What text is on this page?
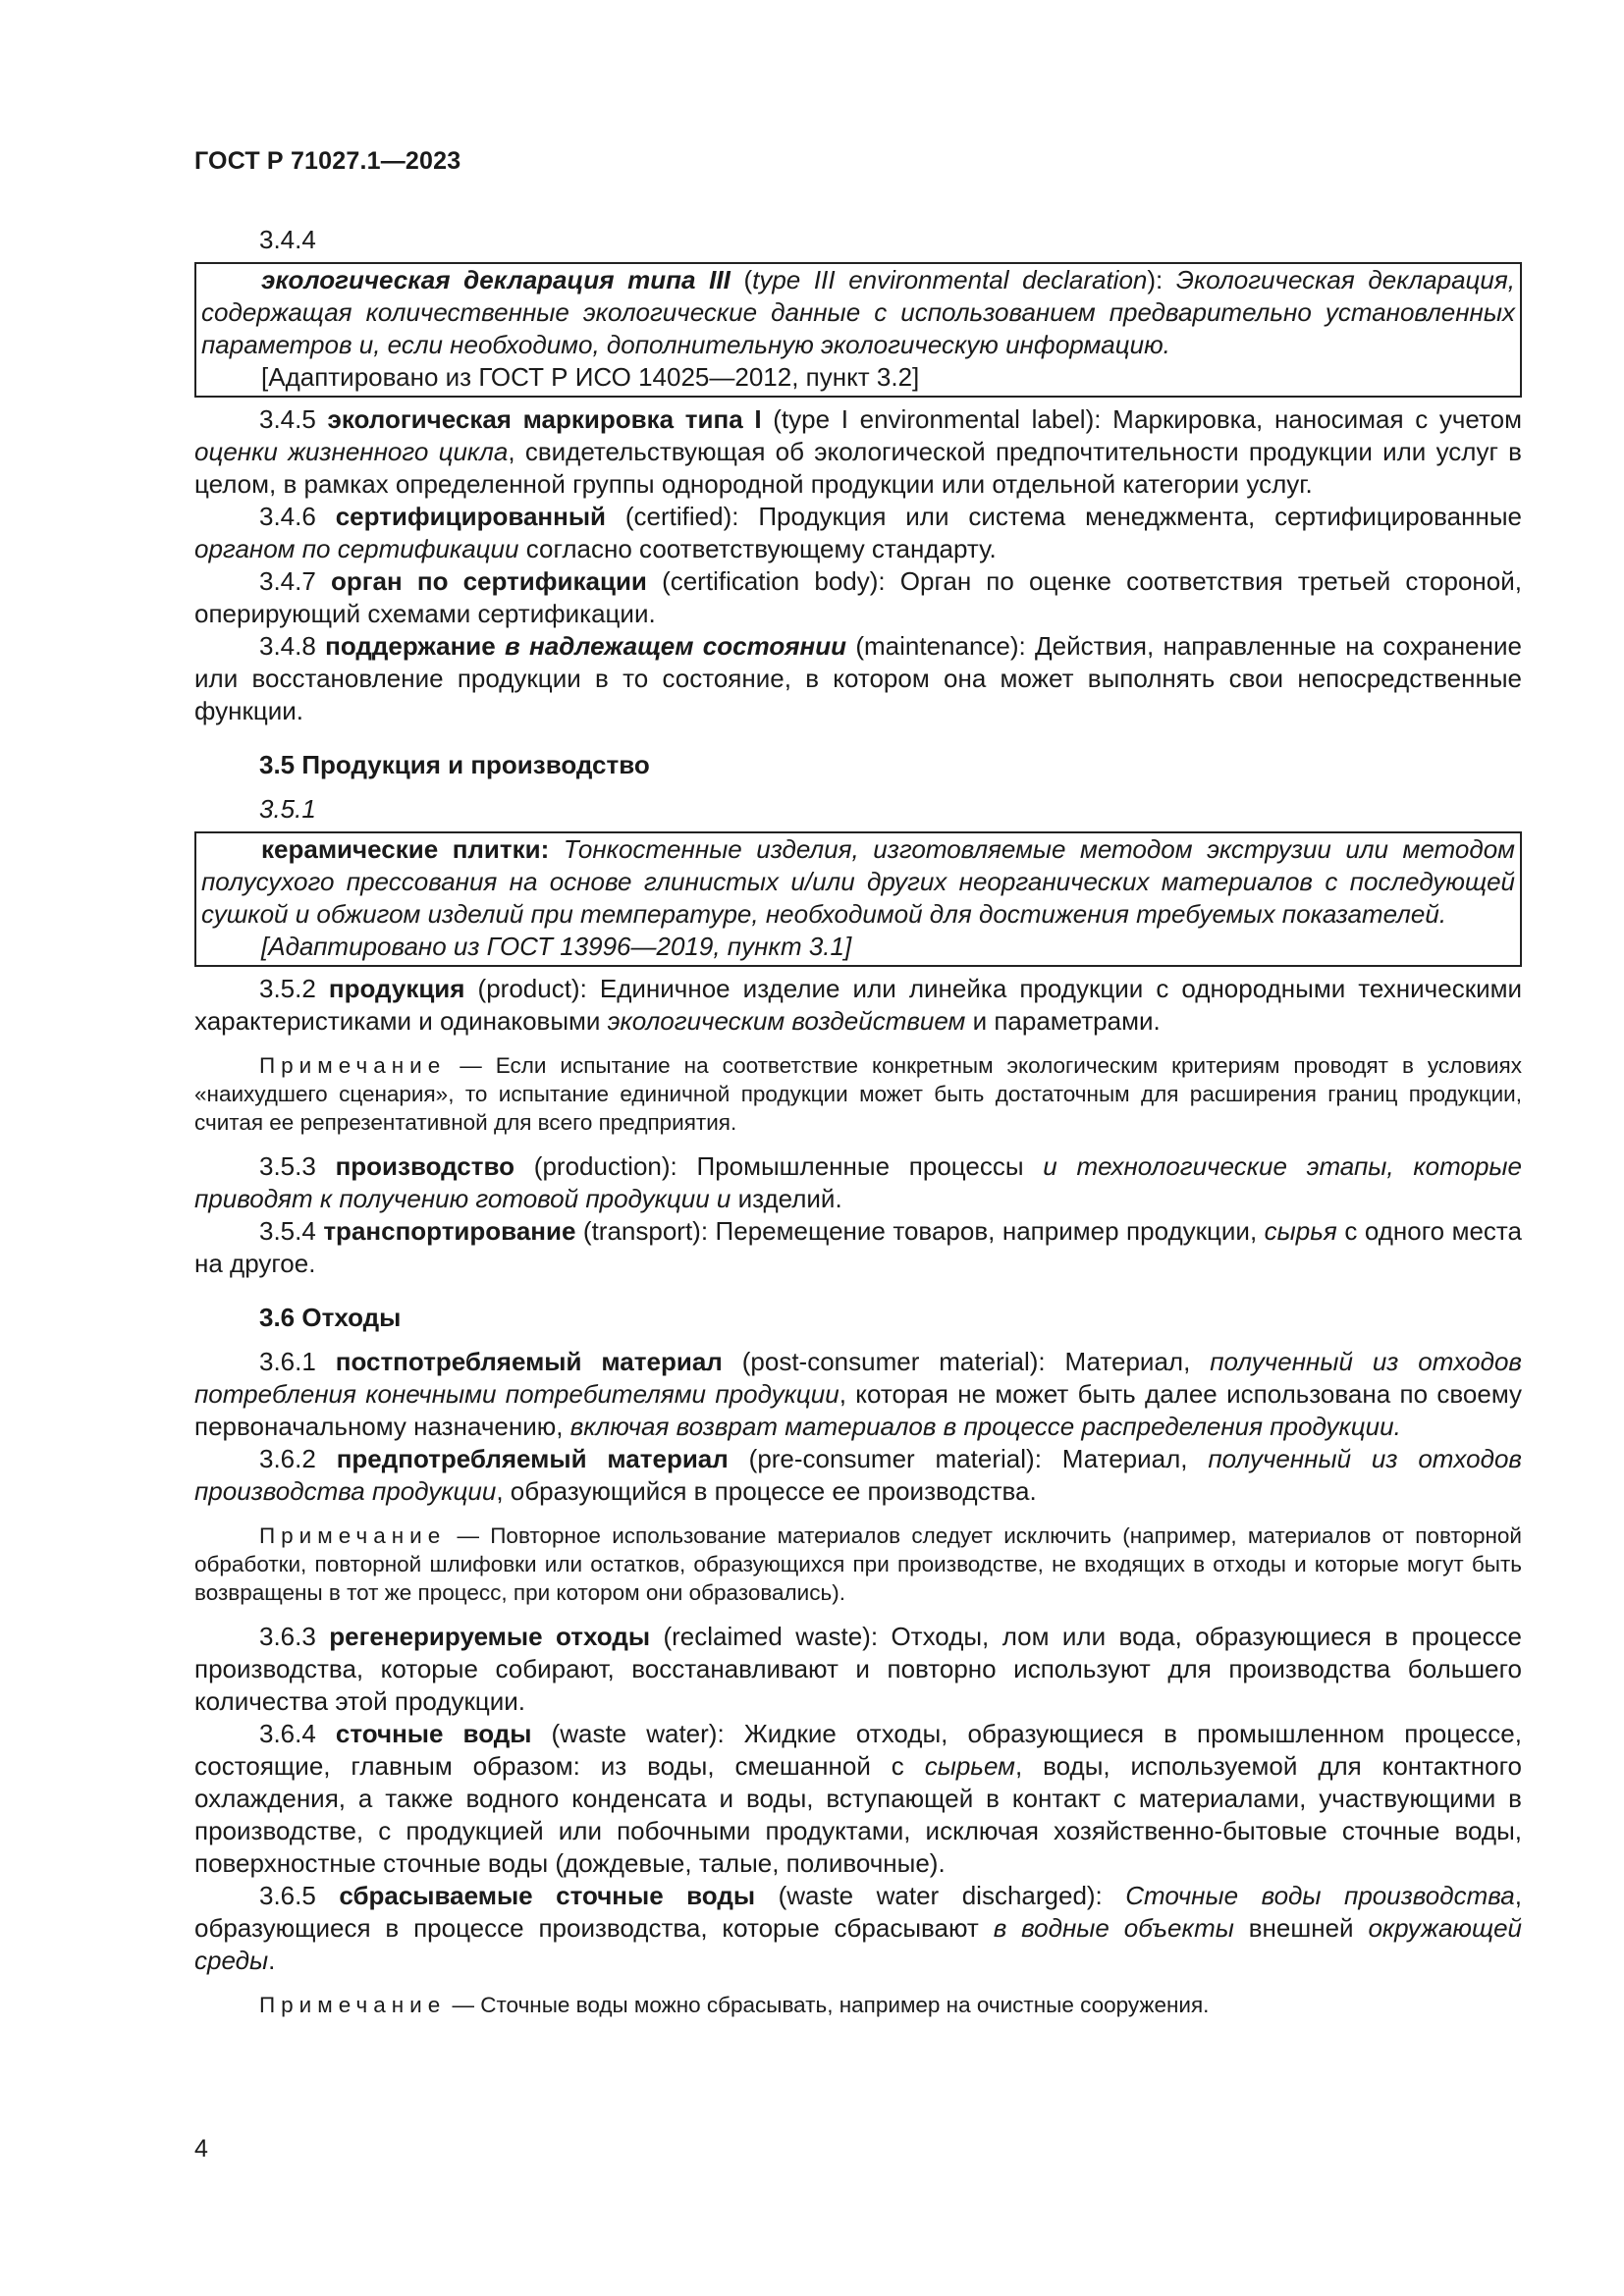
ГОСТ Р 71027.1—2023
3.4.4

экологическая декларация типа III (type III environmental declaration): Экологическая декларация, содержащая количественные экологические данные с использованием предварительно установленных параметров и, если необходимо, дополнительную экологическую информацию.

[Адаптировано из ГОСТ Р ИСО 14025—2012, пункт 3.2]

3.4.5 экологическая маркировка типа I (type I environmental label): Маркировка, наносимая с учетом оценки жизненного цикла, свидетельствующая об экологической предпочтительности продукции или услуг в целом, в рамках определенной группы однородной продукции или отдельной категории услуг.

3.4.6 сертифицированный (certified): Продукция или система менеджмента, сертифицированные органом по сертификации согласно соответствующему стандарту.

3.4.7 орган по сертификации (certification body): Орган по оценке соответствия третьей стороной, оперирующий схемами сертификации.

3.4.8 поддержание в надлежащем состоянии (maintenance): Действия, направленные на сохранение или восстановление продукции в то состояние, в котором она может выполнять свои непосредственные функции.

3.5 Продукция и производство

3.5.1

керамические плитки: Тонкостенные изделия, изготовляемые методом экструзии или методом полусухого прессования на основе глинистых и/или других неорганических материалов с последующей сушкой и обжигом изделий при температуре, необходимой для достижения требуемых показателей.

[Адаптировано из ГОСТ 13996—2019, пункт 3.1]

3.5.2 продукция (product): Единичное изделие или линейка продукции с однородными техническими характеристиками и одинаковыми экологическим воздействием и параметрами.

Примечание — Если испытание на соответствие конкретным экологическим критериям проводят в условиях «наихудшего сценария», то испытание единичной продукции может быть достаточным для расширения границ продукции, считая ее репрезентативной для всего предприятия.

3.5.3 производство (production): Промышленные процессы и технологические этапы, которые приводят к получению готовой продукции и изделий.

3.5.4 транспортирование (transport): Перемещение товаров, например продукции, сырья с одного места на другое.

3.6 Отходы

3.6.1 постпотребляемый материал (post-consumer material): Материал, полученный из отходов потребления конечными потребителями продукции, которая не может быть далее использована по своему первоначальному назначению, включая возврат материалов в процессе распределения продукции.

3.6.2 предпотребляемый материал (pre-consumer material): Материал, полученный из отходов производства продукции, образующийся в процессе ее производства.

Примечание — Повторное использование материалов следует исключить (например, материалов от повторной обработки, повторной шлифовки или остатков, образующихся при производстве, не входящих в отходы и которые могут быть возвращены в тот же процесс, при котором они образовались).

3.6.3 регенерируемые отходы (reclaimed waste): Отходы, лом или вода, образующиеся в процессе производства, которые собирают, восстанавливают и повторно используют для производства большего количества этой продукции.

3.6.4 сточные воды (waste water): Жидкие отходы, образующиеся в промышленном процессе, состоящие, главным образом: из воды, смешанной с сырьем, воды, используемой для контактного охлаждения, а также водного конденсата и воды, вступающей в контакт с материалами, участвующими в производстве, с продукцией или побочными продуктами, исключая хозяйственно-бытовые сточные воды, поверхностные сточные воды (дождевые, талые, поливочные).

3.6.5 сбрасываемые сточные воды (waste water discharged): Сточные воды производства, образующиеся в процессе производства, которые сбрасывают в водные объекты внешней окружающей среды.

Примечание — Сточные воды можно сбрасывать, например на очистные сооружения.

4
